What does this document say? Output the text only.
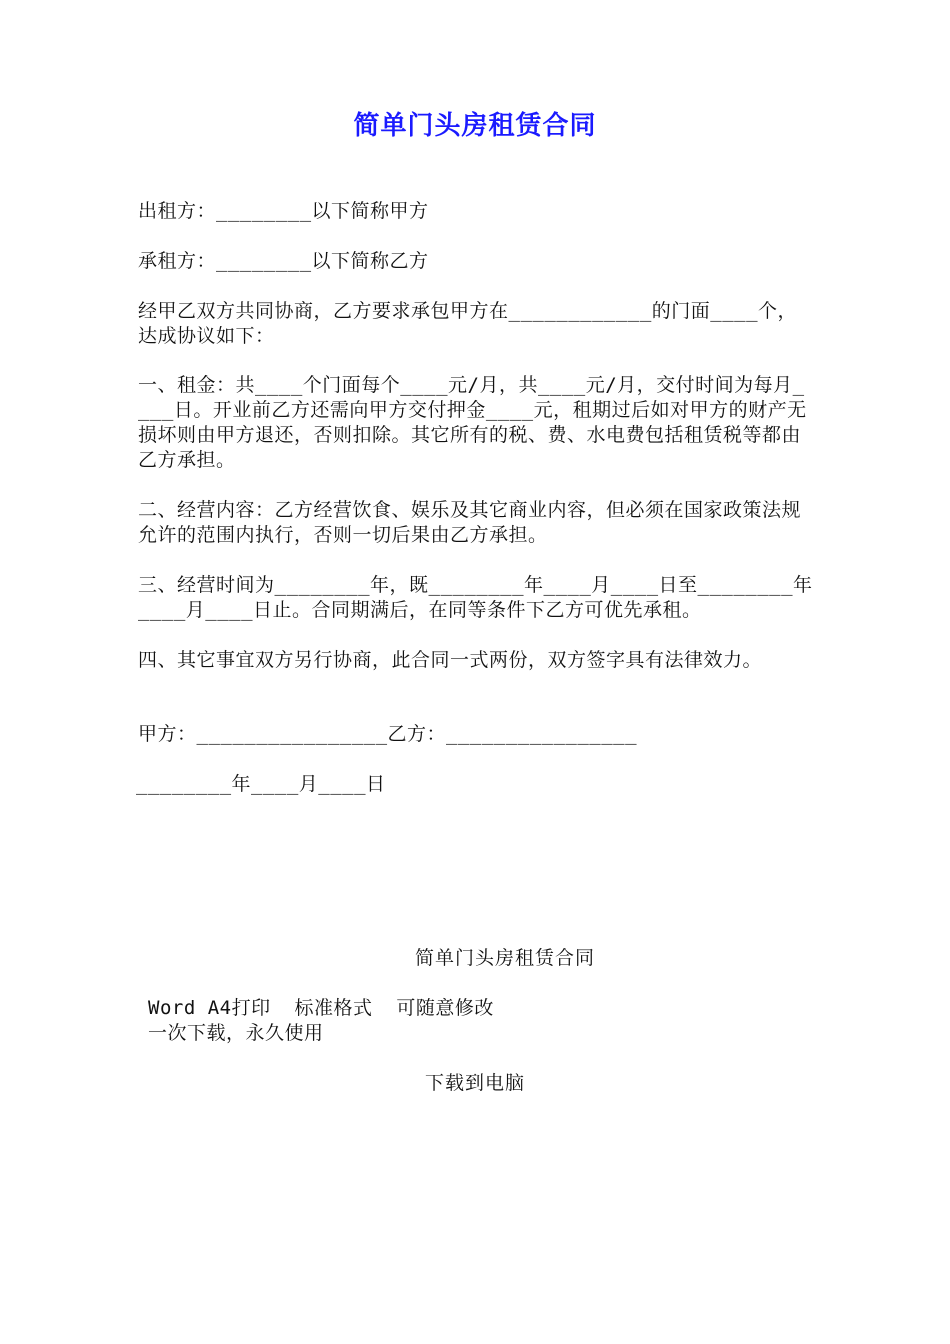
简单门头房租赁合同
出租方：________以下简称甲方
承租方：________以下简称乙方
经甲乙双方共同协商，乙方要求承包甲方在____________的门面____个，达成协议如下：
一、租金：共____个门面每个____元/月，共____元/月，交付时间为每月____日。开业前乙方还需向甲方交付押金____元，租期过后如对甲方的财产无损坏则由甲方退还，否则扣除。其它所有的税、费、水电费包括租赁税等都由乙方承担。
二、经营内容：乙方经营饮食、娱乐及其它商业内容，但必须在国家政策法规允许的范围内执行，否则一切后果由乙方承担。
三、经营时间为________年，既________年____月____日至________年____月____日止。合同期满后，在同等条件下乙方可优先承租。
四、其它事宜双方另行协商，此合同一式两份，双方签字具有法律效力。
甲方：________________乙方：________________
________年____月____日
简单门头房租赁合同
Word A4打印  标准格式  可随意修改
一次下载，永久使用
下载到电脑
